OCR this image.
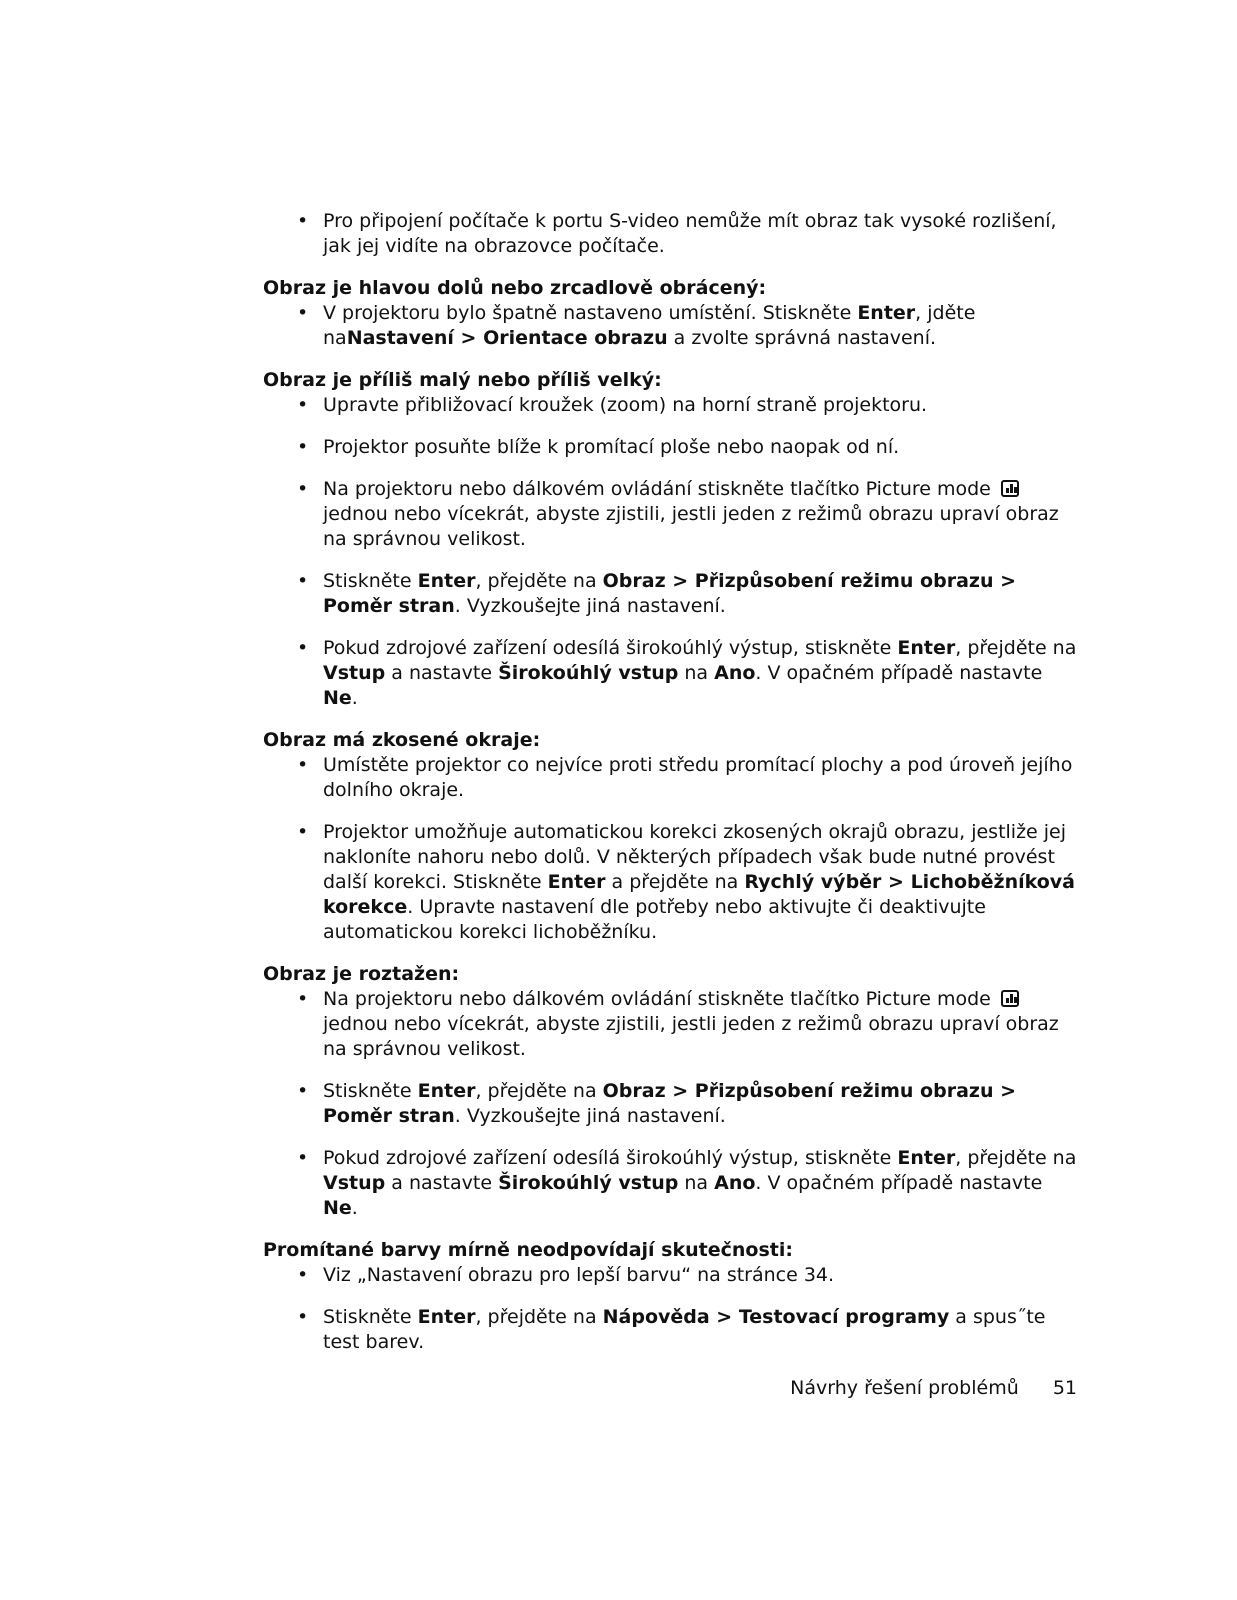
• Pro připojení počítače k portu S-video nemůže mít obraz tak vysoké rozlišení, jak jej vidíte na obrazovce počítače.
Obraz je hlavou dolů nebo zrcadlově obrácený:
• V projektoru bylo špatně nastaveno umístění. Stiskněte Enter, jděte naNastavení > Orientace obrazu a zvolte správná nastavení.
Obraz je příliš malý nebo příliš velký:
• Upravte přibližovací kroužek (zoom) na horní straně projektoru.
• Projektor posuňte blíže k promítací ploše nebo naopak od ní.
• Na projektoru nebo dálkovém ovládání stiskněte tlačítko Picture mode
jednou nebo vícekrát, abyste zjistili, jestli jeden z režimů obrazu upraví obraz na správnou velikost.
• Stiskněte Enter, přejděte na Obraz > Přizpůsobení režimu obrazu > Poměr stran. Vyzkoušejte jiná nastavení.
• Pokud zdrojové zařízení odesílá širokoúhlý výstup, stiskněte Enter, přejděte na Vstup a nastavte Širokoúhlý vstup na Ano. V opačném případě nastavte Ne.
Obraz má zkosené okraje:
• Umístěte projektor co nejvíce proti středu promítací plochy a pod úroveň jejího dolního okraje.
• Projektor umožňuje automatickou korekci zkosených okrajů obrazu, jestliže jej nakloníte nahoru nebo dolů. V některých případech však bude nutné provést další korekci. Stiskněte Enter a přejděte na Rychlý výběr > Lichoběžníková korekce. Upravte nastavení dle potřeby nebo aktivujte či deaktivujte automatickou korekci lichoběžníku.
Obraz je roztažen:
• Na projektoru nebo dálkovém ovládání stiskněte tlačítko Picture mode
jednou nebo vícekrát, abyste zjistili, jestli jeden z režimů obrazu upraví obraz na správnou velikost.
• Stiskněte Enter, přejděte na Obraz > Přizpůsobení režimu obrazu > Poměr stran. Vyzkoušejte jiná nastavení.
• Pokud zdrojové zařízení odesílá širokoúhlý výstup, stiskněte Enter, přejděte na Vstup a nastavte Širokoúhlý vstup na Ano. V opačném případě nastavte Ne.
Promítané barvy mírně neodpovídají skutečnosti:
• Viz „Nastavení obrazu pro lepší barvu“ na stránce 34.
• Stiskněte Enter, přejděte na Nápověda > Testovací programy a spus˝te test barev.
Návrhy řešení problémů 51
